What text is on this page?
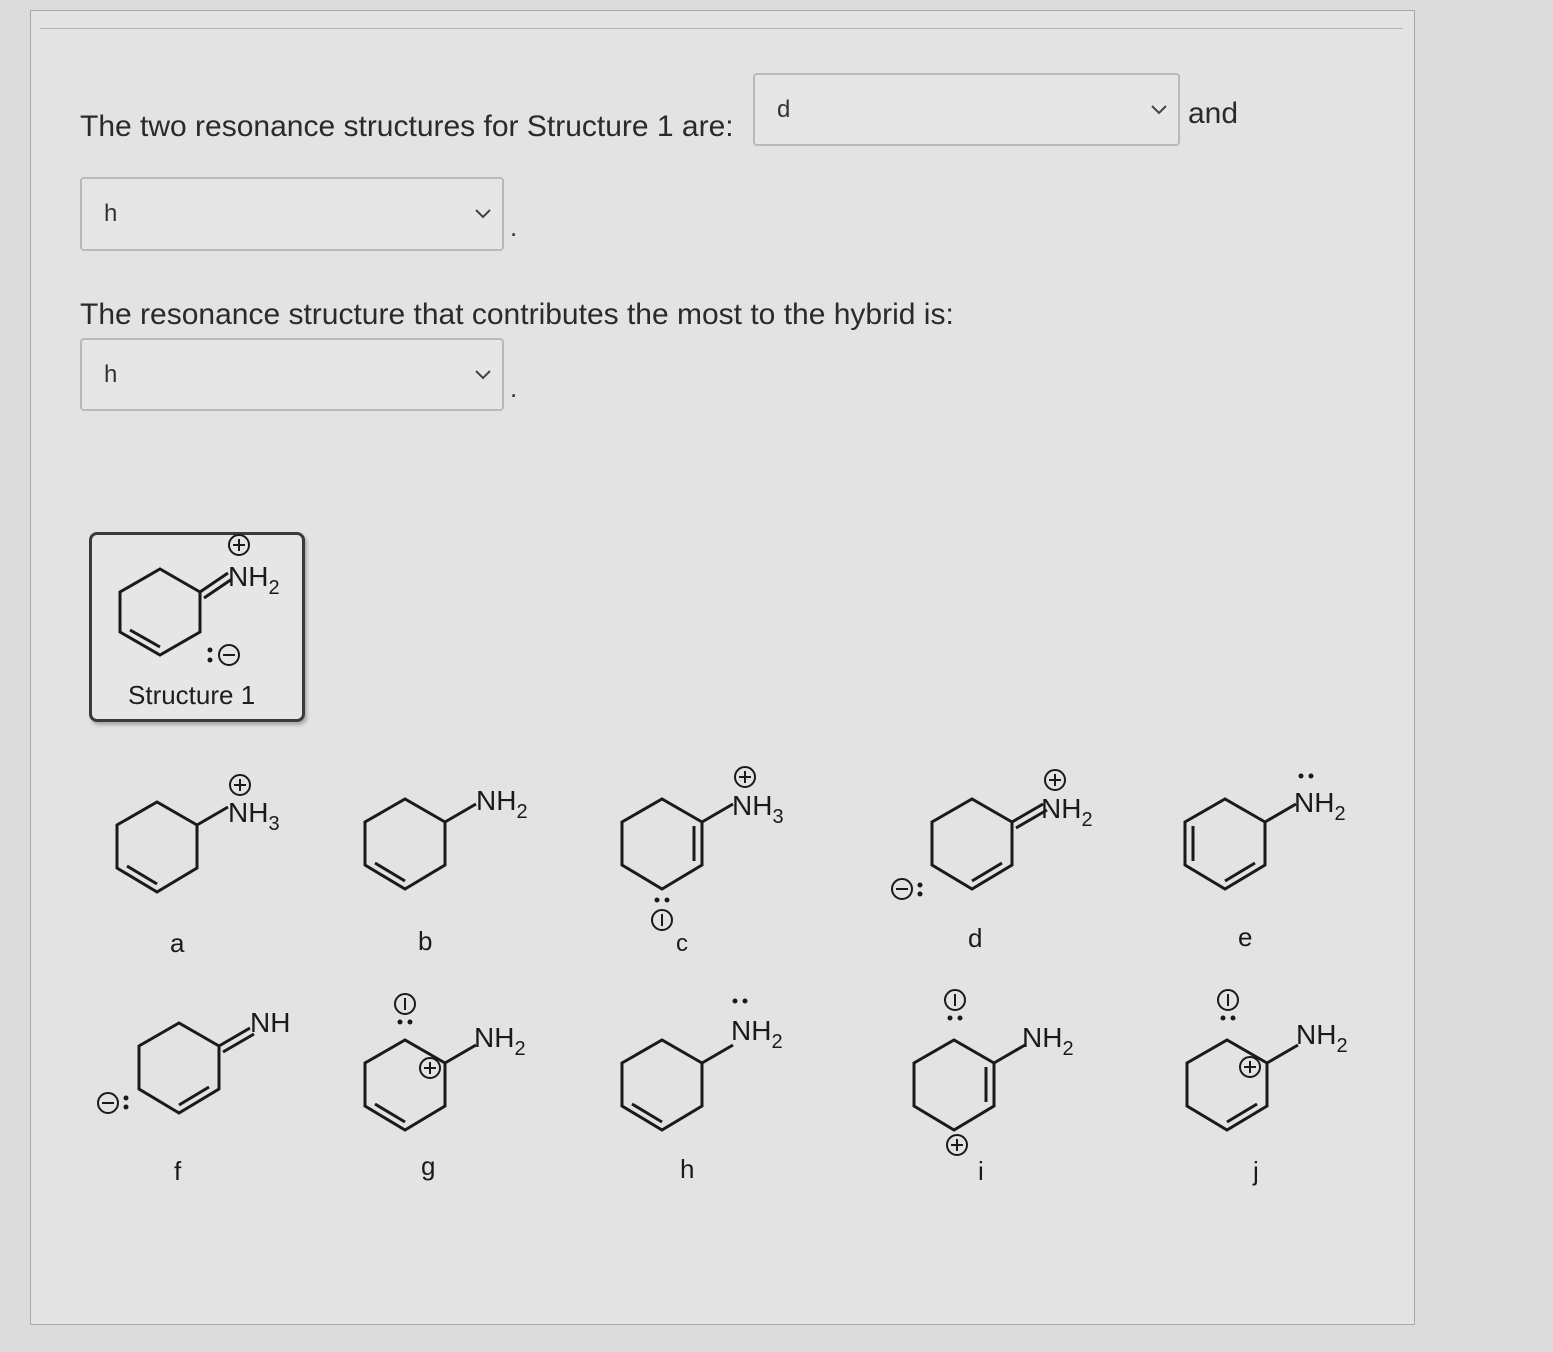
The two resonance structures for Structure 1 are:
d	and
h	.
The resonance structure that contributes the most to the hybrid is:
h	.
Structure 1
$NH_2$
$NH_3$
$NH_2$	$NH_3$	$NH_2$
$NH_2$
NH	$NH_2$
$NH_2$	$NH_2$	$NH_2$
a	b	c	d	e
f	g	h	i	j
